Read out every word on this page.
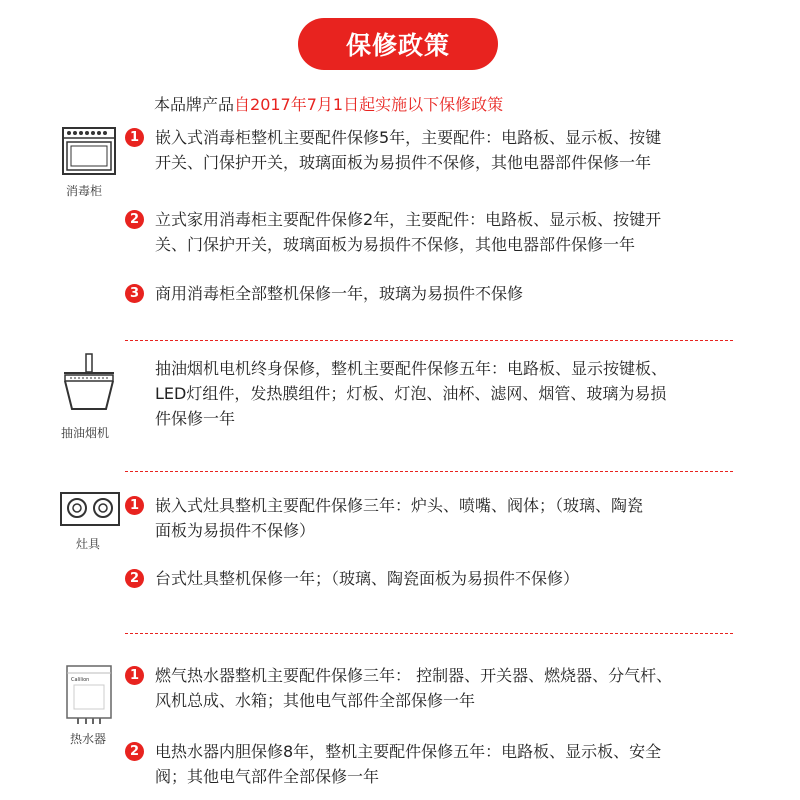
保修政策
本品牌产品自2017年7月1日起实施以下保修政策
消毒柜
1 嵌入式消毒柜整机主要配件保修5年，主要配件：电路板、显示板、按键
开关、门保护开关，玻璃面板为易损件不保修，其他电器部件保修一年
2 立式家用消毒柜主要配件保修2年，主要配件：电路板、显示板、按键开
关、门保护开关，玻璃面板为易损件不保修，其他电器部件保修一年
3 商用消毒柜全部整机保修一年，玻璃为易损件不保修
抽油烟机
抽油烟机电机终身保修，整机主要配件保修五年：电路板、显示按键板、
LED灯组件，发热膜组件；灯板、灯泡、油杯、滤网、烟管、玻璃为易损
件保修一年
灶具
1 嵌入式灶具整机主要配件保修三年：炉头、喷嘴、阀体；（玻璃、陶瓷
面板为易损件不保修）
2 台式灶具整机保修一年；（玻璃、陶瓷面板为易损件不保修）
Calilion
热水器
1 燃气热水器整机主要配件保修三年： 控制器、开关器、燃烧器、分气杆、
风机总成、水箱；其他电气部件全部保修一年
2 电热水器内胆保修8年，整机主要配件保修五年：电路板、显示板、安全
阀；其他电气部件全部保修一年
